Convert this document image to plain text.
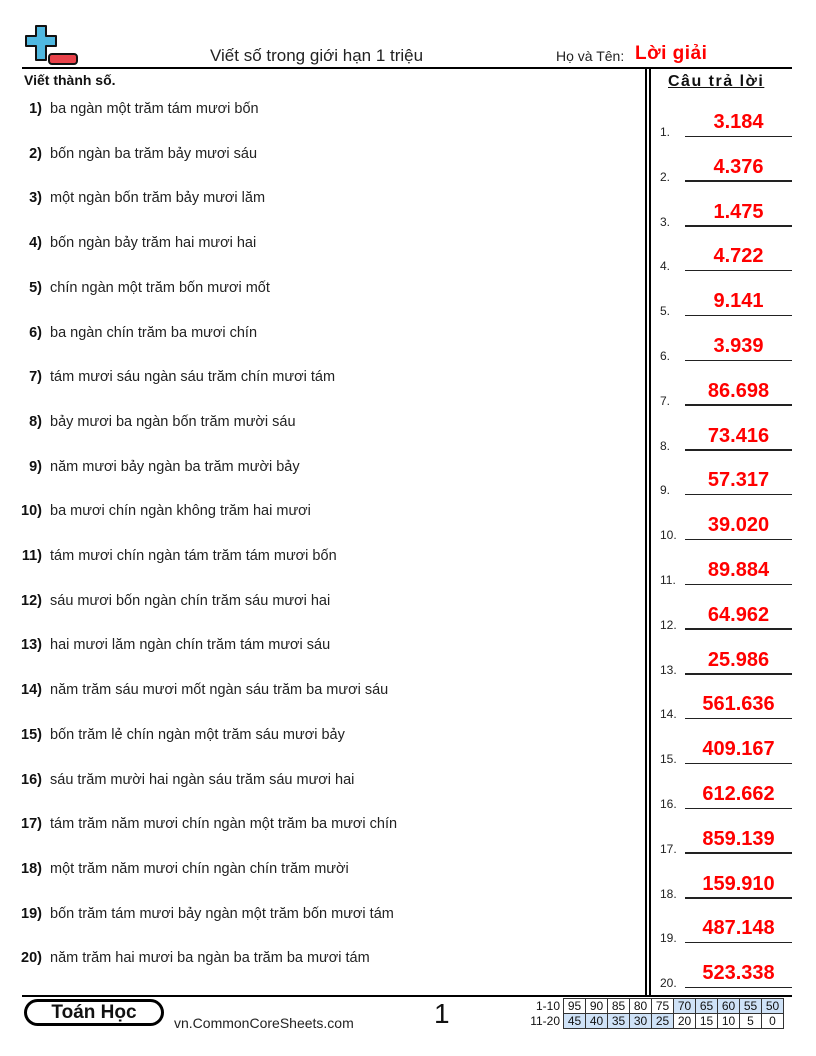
Viết số trong giới hạn 1 triệu	Họ và Tên: Lời giải
Viết thành số.	Câu trả lời
1) ba ngàn một trăm tám mươi bốn
2) bốn ngàn ba trăm bảy mươi sáu
3) một ngàn bốn trăm bảy mươi lăm
4) bốn ngàn bảy trăm hai mươi hai
5) chín ngàn một trăm bốn mươi mốt
6) ba ngàn chín trăm ba mươi chín
7) tám mươi sáu ngàn sáu trăm chín mươi tám
8) bảy mươi ba ngàn bốn trăm mười sáu
9) năm mươi bảy ngàn ba trăm mười bảy
10) ba mươi chín ngàn không trăm hai mươi
11) tám mươi chín ngàn tám trăm tám mươi bốn
12) sáu mươi bốn ngàn chín trăm sáu mươi hai
13) hai mươi lăm ngàn chín trăm tám mươi sáu
14) năm trăm sáu mươi mốt ngàn sáu trăm ba mươi sáu
15) bốn trăm lẻ chín ngàn một trăm sáu mươi bảy
16) sáu trăm mười hai ngàn sáu trăm sáu mươi hai
17) tám trăm năm mươi chín ngàn một trăm ba mươi chín
18) một trăm năm mươi chín ngàn chín trăm mười
19) bốn trăm tám mươi bảy ngàn một trăm bốn mươi tám
20) năm trăm hai mươi ba ngàn ba trăm ba mươi tám
1.	3.184
2.	4.376
3.	1.475
4.	4.722
5.	9.141
6.	3.939
7.	86.698
8.	73.416
9.	57.317
10.	39.020
11.	89.884
12.	64.962
13.	25.986
14.	561.636
15.	409.167
16.	612.662
17.	859.139
18.	159.910
19.	487.148
20.	523.338
Toán Học	vn.CommonCoreSheets.com	1	1-10	95	90	85	80	75	70	65	60	55	50
11-20	45	40	35	30	25	20	15	10	5	0
